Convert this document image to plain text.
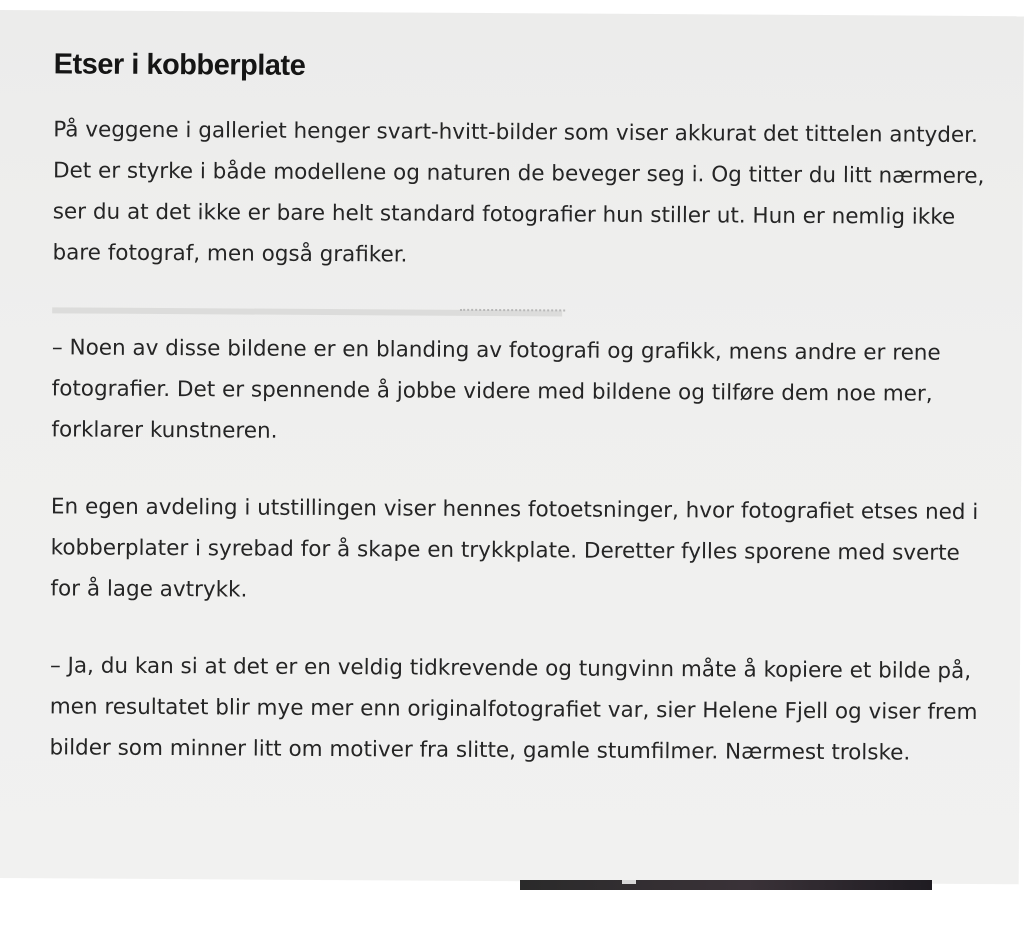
Etser i kobberplate

På veggene i galleriet henger svart-hvitt-bilder som viser akkurat det tittelen antyder. Det er styrke i både modellene og naturen de beveger seg i. Og titter du litt nærmere, ser du at det ikke er bare helt standard fotografier hun stiller ut. Hun er nemlig ikke bare fotograf, men også grafiker.

– Noen av disse bildene er en blanding av fotografi og grafikk, mens andre er rene fotografier. Det er spennende å jobbe videre med bildene og tilføre dem noe mer, forklarer kunstneren.

En egen avdeling i utstillingen viser hennes fotoetsninger, hvor fotografiet etses ned i kobberplater i syrebad for å skape en trykkplate. Deretter fylles sporene med sverte for å lage avtrykk.

– Ja, du kan si at det er en veldig tidkrevende og tungvinn måte å kopiere et bilde på, men resultatet blir mye mer enn originalfotografiet var, sier Helene Fjell og viser frem bilder som minner litt om motiver fra slitte, gamle stumfilmer. Nærmest trolske.
